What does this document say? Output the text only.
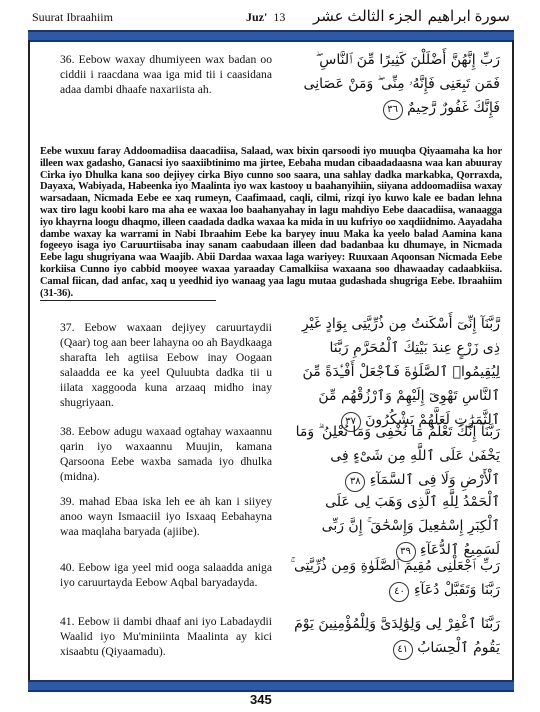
Suurat Ibraahiim	Juz' 13 الجزء الثالث عشر سورة ابراهيم
36. Eebow waxay dhumiyeen wax badan oo ciddii i raacdana waa iga mid tii i caasidana adaa dambi dhaafe naxariista ah.
رَبِّ إِنَّهُنَّ أَضْلَلْنَ كَثِيرًا مِّنَ ٱلنَّاسِ ۖ فَمَن تَبِعَنِى فَإِنَّهُۥ مِنِّى ۖ وَمَنْ عَصَانِى فَإِنَّكَ غَفُورٌ رَّحِيمٌ ٣٦
Eebe wuxuu faray Addoomadiisa daacadiisa, Salaad, wax bixin qarsoodi iyo muuqba Qiyaamaha ka hor illeen wax gadasho, Ganacsi iyo saaxiibtinimo ma jirtee, Eebaha mudan cibaadadaasna waa kan abuuray Cirka iyo Dhulka kana soo dejiyey cirka Biyo cunno soo saara, una sahlay dadka markabka, Qorraxda, Dayaxa, Wabiyada, Habeenka iyo Maalinta iyo wax kastooy u baahanyihiin, siiyana addoomadiisa waxay warsadaan, Nicmada Eebe ee xaq rumeyn, Caafimaad, caqli, cilmi, rizqi iyo kuwo kale ee badan lehna wax tiro lagu koobi karo ma aha ee waxaa loo baahanyahay in lagu mahdiyo Eebe daacadiisa, wanaagga iyo khayrna loogu dhaqmo, illeen caadada dadka waxaa ka mida in uu kufriyo oo xaqdiidnimo. Aayadaha dambe waxay ka warrami in Nabi Ibraahim Eebe ka baryey inuu Maka ka yeelo balad Aamina kana fogeeyo isaga iyo Caruurtiisaba inay sanam caabudaan illeen dad badanbaa ku dhumaye, in Nicmada Eebe lagu shugriyana waa Waajib. Abii Dardaa waxaa laga wariyey: Ruuxaan Aqoonsan Nicmada Eebe korkiisa Cunno iyo cabbid mooyee waxaa yaraaday Camalkiisa waxaana soo dhawaaday cadaabkiisa. Camal fiican, dad anfac, xaq u yeedhid iyo wanaag yaa lagu mutaa gudashada shugriga Eebe. Ibraahiim (31-36).
37. Eebow waxaan dejiyey caruurtaydii (Qaar) tog aan beer lahayna oo ah Baydkaaga sharafta leh agtiisa Eebow inay Oogaan salaadda ee ka yeel Quluubta dadka tii u iilata xaggooda kuna arzaaq midho inay shugriyaan.
رَّبَّنَآ إِنِّىٓ أَسْكَنتُ مِن ذُرِّيَّتِى بِوَادٍ غَيْرِ ذِى زَرْعٍ عِندَ بَيْتِكَ ٱلْمُحَرَّمِ رَبَّنَا لِيُقِيمُوا۟ ٱلصَّلَوٰةَ فَٱجْعَلْ أَفْـِٔدَةً مِّنَ ٱلنَّاسِ تَهْوِىٓ إِلَيْهِمْ وَٱرْزُقْهُم مِّنَ ٱلثَّمَرَٰتِ لَعَلَّهُمْ يَشْكُرُونَ ٣٧
38. Eebow adugu waxaad ogtahay waxaannu qarin iyo waxaannu Muujin, kamana Qarsoona Eebe waxba samada iyo dhulka (midna).
رَبَّنَآ إِنَّكَ تَعْلَمُ مَا نُخْفِى وَمَا نُعْلِنُ ۗ وَمَا يَخْفَىٰ عَلَى ٱللَّهِ مِن شَىْءٍ فِى ٱلْأَرْضِ وَلَا فِى ٱلسَّمَآءِ ٣٨
39. mahad Ebaa iska leh ee ah kan i siiyey anoo wayn Ismaaciil iyo Isxaaq Eebahayna waa maqlaha baryada (ajiibe).
ٱلْحَمْدُ لِلَّهِ ٱلَّذِى وَهَبَ لِى عَلَى ٱلْكِبَرِ إِسْمَٰعِيلَ وَإِسْحَٰقَ ۚ إِنَّ رَبِّى لَسَمِيعُ ٱلدُّعَآءِ ٣٩
40. Eebow iga yeel mid ooga salaadda aniga iyo caruurtayda Eebow Aqbal baryadayda.
رَبِّ ٱجْعَلْنِى مُقِيمَ ٱلصَّلَوٰةِ وَمِن ذُرِّيَّتِى ۚ رَبَّنَا وَتَقَبَّلْ دُعَآءِ ٤٠
41. Eebow ii dambi dhaaf ani iyo Labadaydii Waalid iyo Mu'miniinta Maalinta ay kici xisaabtu (Qiyaamadu).
رَبَّنَا ٱغْفِرْ لِى وَلِوَٰلِدَىَّ وَلِلْمُؤْمِنِينَ يَوْمَ يَقُومُ ٱلْحِسَابُ ٤١
345
